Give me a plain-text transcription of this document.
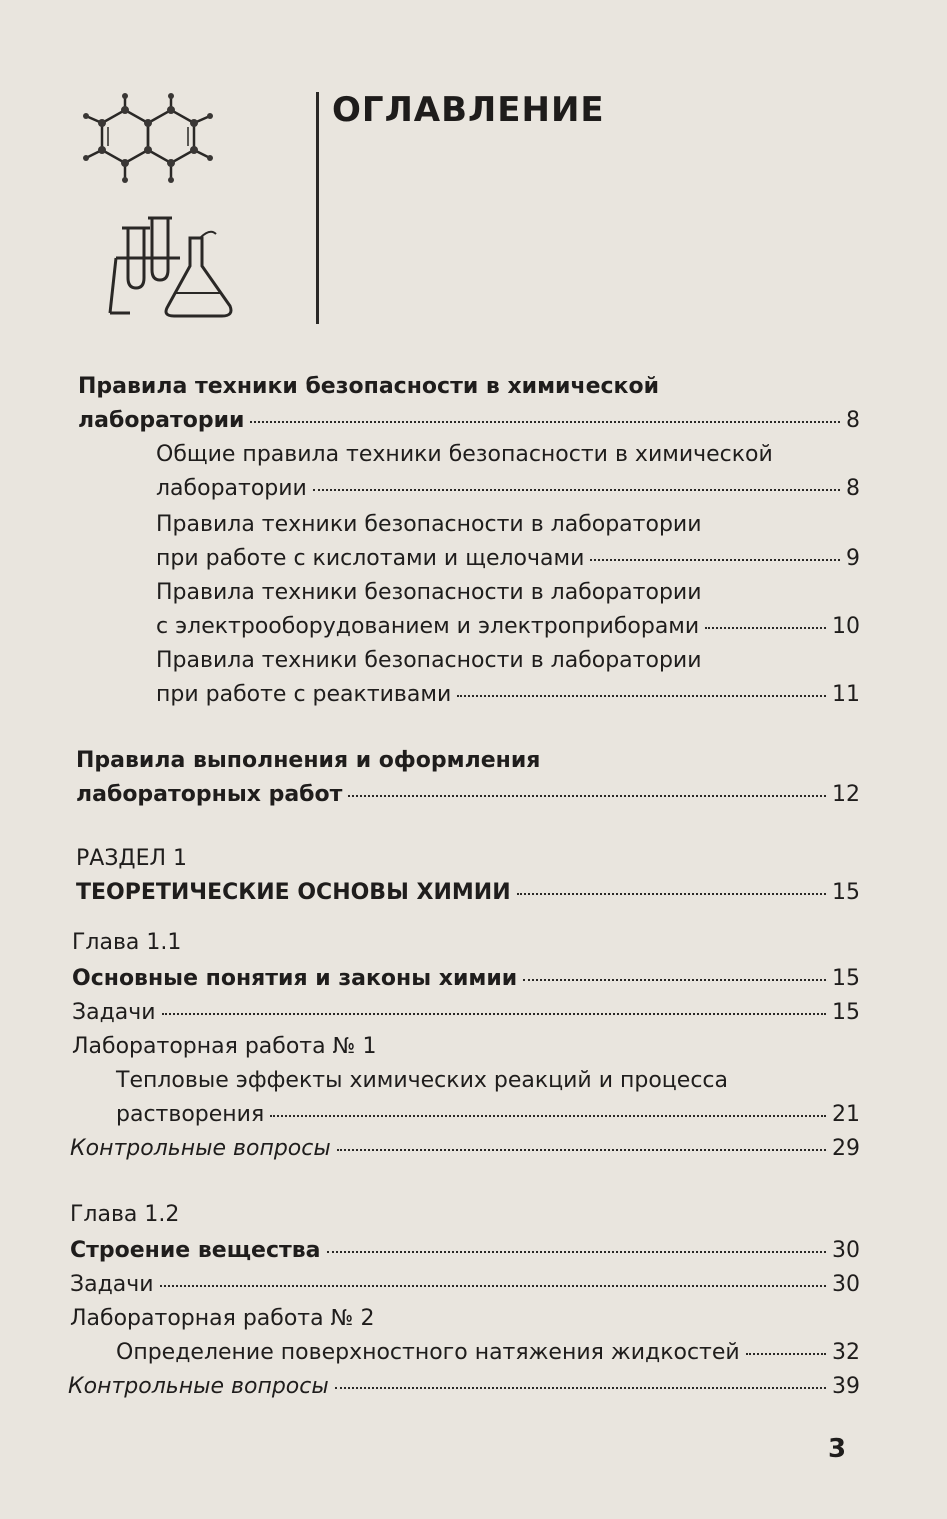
ОГЛАВЛЕНИЕ
Правила техники безопасности в химической
лаборатории	8
Общие правила техники безопасности в химической
лаборатории	8
Правила техники безопасности в лаборатории
при работе с кислотами и щелочами	9
Правила техники безопасности в лаборатории
с электрооборудованием и электроприборами	10
Правила техники безопасности в лаборатории
при работе с реактивами	11
Правила выполнения и оформления
лабораторных работ	12
РАЗДЕЛ 1
ТЕОРЕТИЧЕСКИЕ ОСНОВЫ ХИМИИ	15
Глава 1.1
Основные понятия и законы химии	15
Задачи	15
Лабораторная работа № 1
Тепловые эффекты химических реакций и процесса
растворения	21
Контрольные вопросы	29
Глава 1.2
Строение вещества	30
Задачи	30
Лабораторная работа № 2
Определение поверхностного натяжения жидкостей	32
Контрольные вопросы	39
3
